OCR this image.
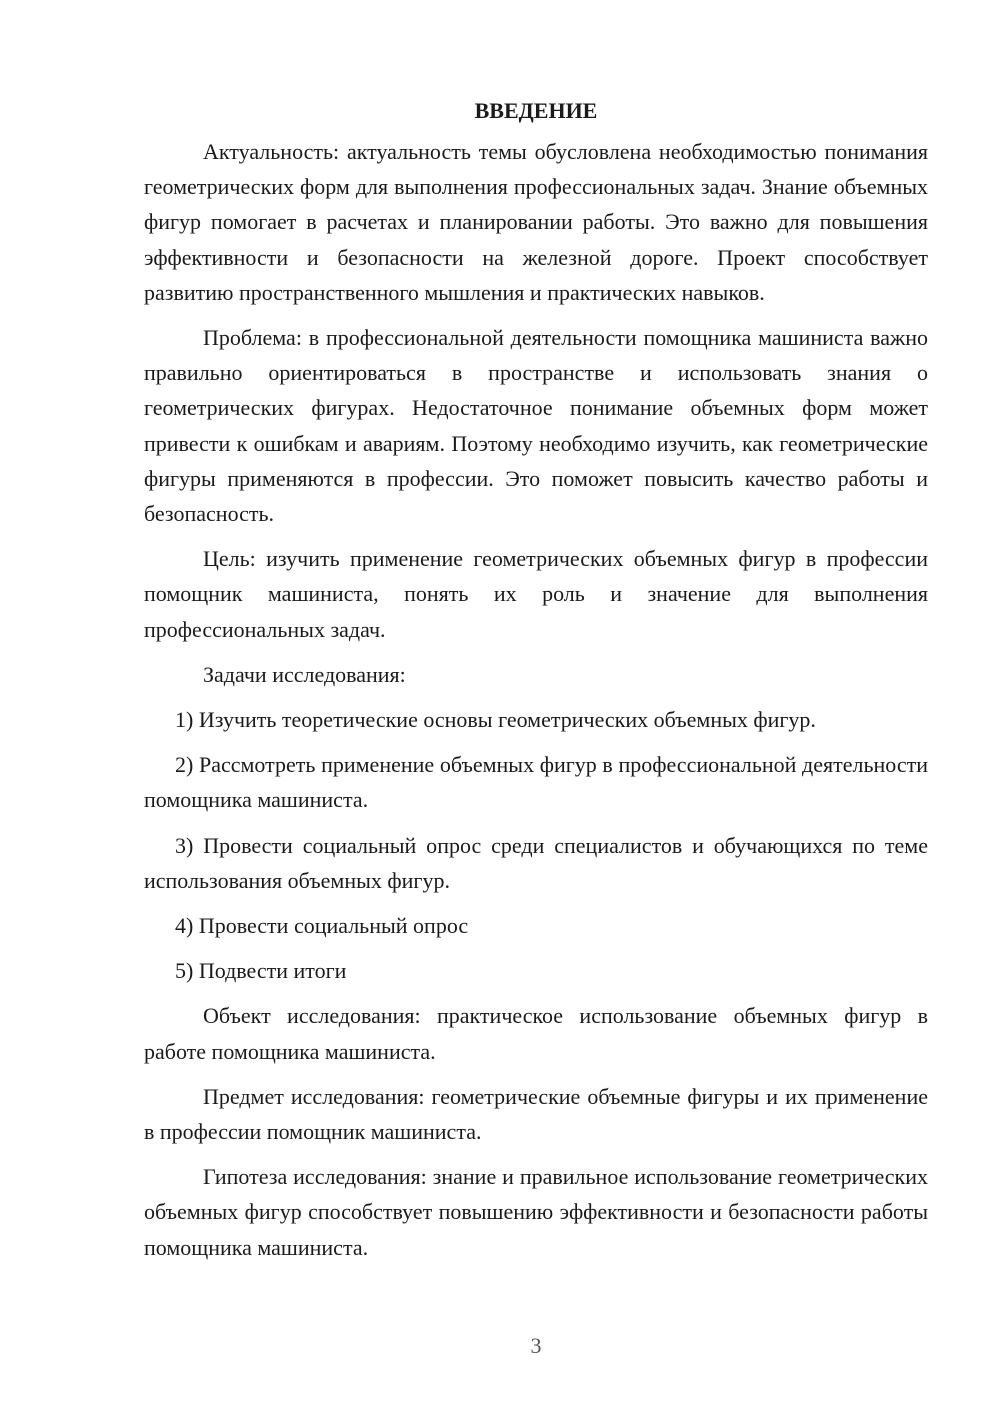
ВВЕДЕНИЕ

Актуальность: актуальность темы обусловлена необходимостью понимания геометрических форм для выполнения профессиональных задач. Знание объемных фигур помогает в расчетах и планировании работы. Это важно для повышения эффективности и безопасности на железной дороге. Проект способствует развитию пространственного мышления и практических навыков.

Проблема: в профессиональной деятельности помощника машиниста важно правильно ориентироваться в пространстве и использовать знания о геометрических фигурах. Недостаточное понимание объемных форм может привести к ошибкам и авариям. Поэтому необходимо изучить, как геометрические фигуры применяются в профессии. Это поможет повысить качество работы и безопасность.

Цель: изучить применение геометрических объемных фигур в профессии помощник машиниста, понять их роль и значение для выполнения профессиональных задач.

Задачи исследования:

1) Изучить теоретические основы геометрических объемных фигур.

2) Рассмотреть применение объемных фигур в профессиональной деятельности помощника машиниста.

3) Провести социальный опрос среди специалистов и обучающихся по теме использования объемных фигур.

4) Провести социальный опрос

5) Подвести итоги

Объект исследования: практическое использование объемных фигур в работе помощника машиниста.

Предмет исследования: геометрические объемные фигуры и их применение в профессии помощник машиниста.

Гипотеза исследования: знание и правильное использование геометрических объемных фигур способствует повышению эффективности и безопасности работы помощника машиниста.

3
